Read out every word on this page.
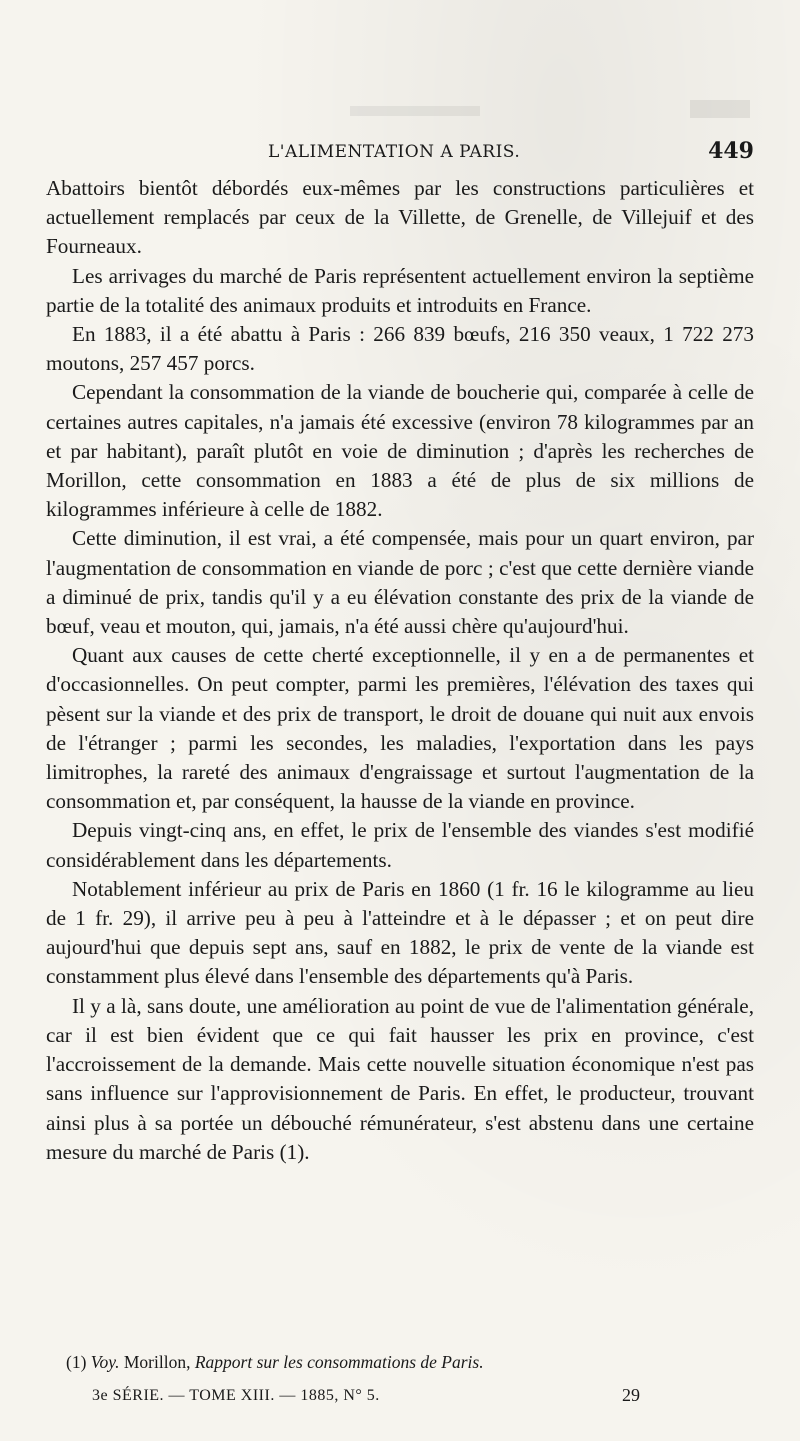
L'ALIMENTATION A PARIS.	449

Abattoirs bientôt débordés eux-mêmes par les constructions particulières et actuellement remplacés par ceux de la Villette, de Grenelle, de Villejuif et des Fourneaux.

Les arrivages du marché de Paris représentent actuellement environ la septième partie de la totalité des animaux produits et introduits en France.

En 1883, il a été abattu à Paris : 266 839 bœufs, 216 350 veaux, 1 722 273 moutons, 257 457 porcs.

Cependant la consommation de la viande de boucherie qui, comparée à celle de certaines autres capitales, n'a jamais été excessive (environ 78 kilogrammes par an et par habitant), paraît plutôt en voie de diminution ; d'après les recherches de Morillon, cette consommation en 1883 a été de plus de six millions de kilogrammes inférieure à celle de 1882.

Cette diminution, il est vrai, a été compensée, mais pour un quart environ, par l'augmentation de consommation en viande de porc ; c'est que cette dernière viande a diminué de prix, tandis qu'il y a eu élévation constante des prix de la viande de bœuf, veau et mouton, qui, jamais, n'a été aussi chère qu'aujourd'hui.

Quant aux causes de cette cherté exceptionnelle, il y en a de permanentes et d'occasionnelles. On peut compter, parmi les premières, l'élévation des taxes qui pèsent sur la viande et des prix de transport, le droit de douane qui nuit aux envois de l'étranger ; parmi les secondes, les maladies, l'exportation dans les pays limitrophes, la rareté des animaux d'engraissage et surtout l'augmentation de la consommation et, par conséquent, la hausse de la viande en province.

Depuis vingt-cinq ans, en effet, le prix de l'ensemble des viandes s'est modifié considérablement dans les départements.

Notablement inférieur au prix de Paris en 1860 (1 fr. 16 le kilogramme au lieu de 1 fr. 29), il arrive peu à peu à l'atteindre et à le dépasser ; et on peut dire aujourd'hui que depuis sept ans, sauf en 1882, le prix de vente de la viande est constamment plus élevé dans l'ensemble des départements qu'à Paris.

Il y a là, sans doute, une amélioration au point de vue de l'alimentation générale, car il est bien évident que ce qui fait hausser les prix en province, c'est l'accroissement de la demande. Mais cette nouvelle situation économique n'est pas sans influence sur l'approvisionnement de Paris. En effet, le producteur, trouvant ainsi plus à sa portée un débouché rémunérateur, s'est abstenu dans une certaine mesure du marché de Paris (1).

(1) Voy. Morillon, Rapport sur les consommations de Paris.
3e SÉRIE. — TOME XIII. — 1885, N° 5.	29
